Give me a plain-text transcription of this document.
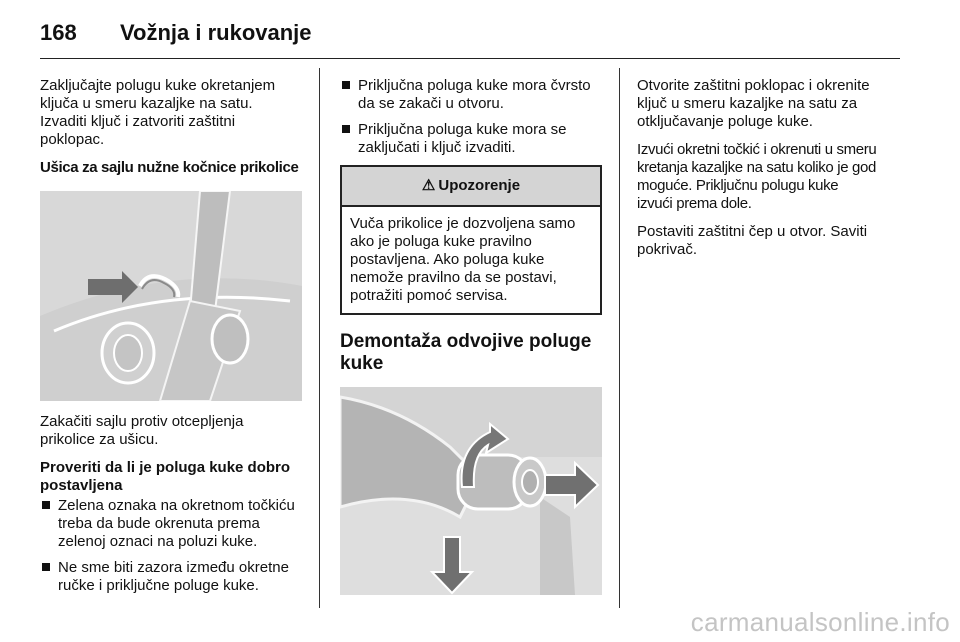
168 Vožnja i rukovanje

Zaključajte polugu kuke okretanjem
ključa u smeru kazaljke na satu.
Izvaditi ključ i zatvoriti zaštitni
poklopac.

Ušica za sajlu nužne kočnice prikolice

Zakačiti sajlu protiv otcepljenja
prikolice za ušicu.

Proveriti da li je poluga kuke dobro
postavljena

Zelena oznaka na okretnom točkiću
treba da bude okrenuta prema
zelenoj oznaci na poluzi kuke.
Ne sme biti zazora između okretne
ručke i priključne poluge kuke.
Priključna poluga kuke mora čvrsto
da se zakači u otvoru.
Priključna poluga kuke mora se
zaključati i ključ izvaditi.
⚠ Upozorenje
Vuča prikolice je dozvoljena samo
ako je poluga kuke pravilno
postavljena. Ako poluga kuke
nemože pravilno da se postavi,
potražiti pomoć servisa.
Demontaža odvojive poluge
kuke

Otvorite zaštitni poklopac i okrenite
ključ u smeru kazaljke na satu za
otključavanje poluge kuke.

Izvući okretni točkić i okrenuti u smeru
kretanja kazaljke na satu koliko je god
moguće. Priključnu polugu kuke
izvući prema dole.

Postaviti zaštitni čep u otvor. Saviti
pokrivač.

carmanualsonline.info
